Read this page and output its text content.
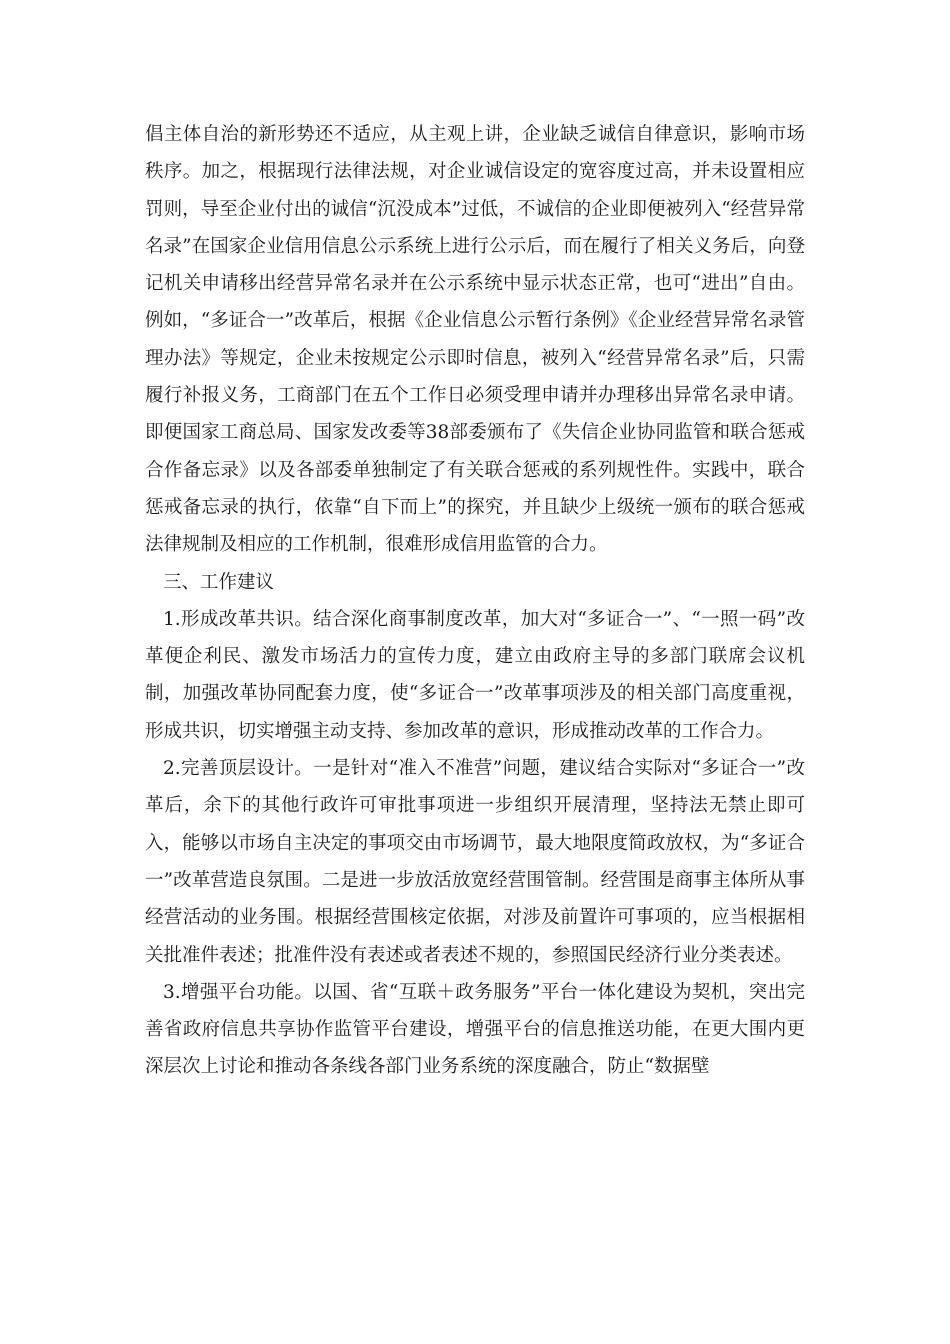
倡主体自治的新形势还不适应，从主观上讲，企业缺乏诚信自律意识，影响市场秩序。加之，根据现行法律法规，对企业诚信设定的宽容度过高，并未设置相应罚则，导至企业付出的诚信“沉没成本”过低，不诚信的企业即便被列入“经营异常名录”在国家企业信用信息公示系统上进行公示后，而在履行了相关义务后，向登记机关申请移出经营异常名录并在公示系统中显示状态正常，也可“进出”自由。例如，“多证合一”改革后，根据《企业信息公示暂行条例》《企业经营异常名录管理办法》等规定，企业未按规定公示即时信息，被列入“经营异常名录”后，只需履行补报义务，工商部门在五个工作日必须受理申请并办理移出异常名录申请。即便国家工商总局、国家发改委等38部委颁布了《失信企业协同监管和联合惩戒合作备忘录》以及各部委单独制定了有关联合惩戒的系列规性件。实践中，联合惩戒备忘录的执行，依靠“自下而上”的探究，并且缺少上级统一颁布的联合惩戒法律规制及相应的工作机制，很难形成信用监管的合力。

三、工作建议

1.形成改革共识。结合深化商事制度改革，加大对“多证合一”、“一照一码”改革便企利民、激发市场活力的宣传力度，建立由政府主导的多部门联席会议机制，加强改革协同配套力度，使“多证合一”改革事项涉及的相关部门高度重视，形成共识，切实增强主动支持、参加改革的意识，形成推动改革的工作合力。

2.完善顶层设计。一是针对“准入不准营”问题，建议结合实际对“多证合一”改革后，余下的其他行政许可审批事项进一步组织开展清理，坚持法无禁止即可入，能够以市场自主决定的事项交由市场调节，最大地限度简政放权，为“多证合一”改革营造良氛围。二是进一步放活放宽经营围管制。经营围是商事主体所从事经营活动的业务围。根据经营围核定依据，对涉及前置许可事项的，应当根据相关批准件表述；批准件没有表述或者表述不规的，参照国民经济行业分类表述。

3.增强平台功能。以国、省“互联＋政务服务”平台一体化建设为契机，突出完善省政府信息共享协作监管平台建设，增强平台的信息推送功能，在更大围内更深层次上讨论和推动各条线各部门业务系统的深度融合，防止“数据壁
